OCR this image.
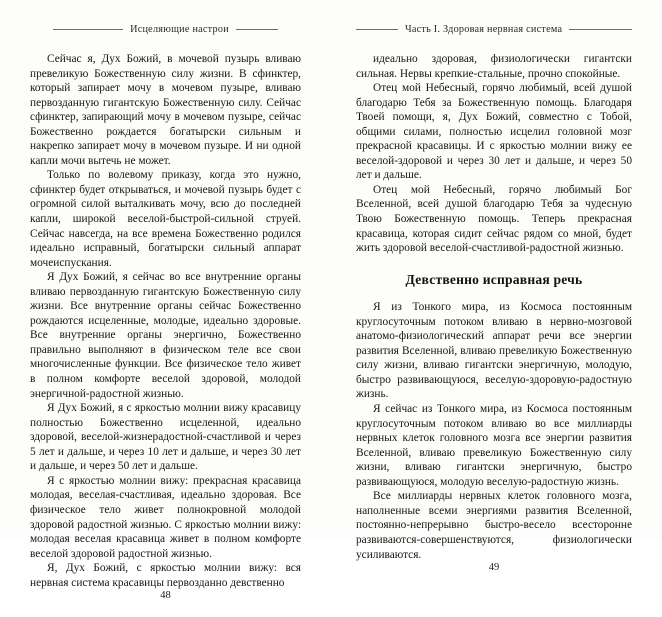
Исцеляющие настрои

Сейчас я, Дух Божий, в мочевой пузырь вливаю превеликую Божественную силу жизни. В сфинктер, который запирает мочу в мочевом пузыре, вливаю первозданную гигантскую Божественную силу. Сейчас сфинктер, запирающий мочу в мочевом пузыре, сейчас Божественно рождается богатырски сильным и накрепко запирает мочу в мочевом пузыре. И ни одной капли мочи вытечь не может.

Только по волевому приказу, когда это нужно, сфинктер будет открываться, и мочевой пузырь будет с огромной силой выталкивать мочу, всю до последней капли, широкой веселой-быстрой-сильной струей. Сейчас навсегда, на все времена Божественно родился идеально исправный, богатырски сильный аппарат мочеиспускания.

Я Дух Божий, я сейчас во все внутренние органы вливаю первозданную гигантскую Божественную силу жизни. Все внутренние органы сейчас Божественно рождаются исцеленные, молодые, идеально здоровые. Все внутренние органы энергично, Божественно правильно выполняют в физическом теле все свои многочисленные функции. Все физическое тело живет в полном комфорте веселой здоровой, молодой энергичной-радостной жизнью.

Я Дух Божий, я с яркостью молнии вижу красавицу полностью Божественно исцеленной, идеально здоровой, веселой-жизнерадостной-счастливой и через 5 лет и дальше, и через 10 лет и дальше, и через 30 лет и дальше, и через 50 лет и дальше.

Я с яркостью молнии вижу: прекрасная красавица молодая, веселая-счастливая, идеально здоровая. Все физическое тело живет полнокровной молодой здоровой радостной жизнью. С яркостью молнии вижу: молодая веселая красавица живет в полном комфорте веселой здоровой радостной жизнью.

Я, Дух Божий, с яркостью молнии вижу: вся нервная система красавицы первозданно девственно

48
Часть I. Здоровая нервная система

идеально здоровая, физиологически гигантски сильная. Нервы крепкие-стальные, прочно спокойные.

Отец мой Небесный, горячо любимый, всей душой благодарю Тебя за Божественную помощь. Благодаря Твоей помощи, я, Дух Божий, совместно с Тобой, общими силами, полностью исцелил головной мозг прекрасной красавицы. И с яркостью молнии вижу ее веселой-здоровой и через 30 лет и дальше, и через 50 лет и дальше.

Отец мой Небесный, горячо любимый Бог Вселенной, всей душой благодарю Тебя за чудесную Твою Божественную помощь. Теперь прекрасная красавица, которая сидит сейчас рядом со мной, будет жить здоровой веселой-счастливой-радостной жизнью.

Девственно исправная речь

Я из Тонкого мира, из Космоса постоянным круглосуточным потоком вливаю в нервно-мозговой анатомо-физиологический аппарат речи все энергии развития Вселенной, вливаю превеликую Божественную силу жизни, вливаю гигантски энергичную, молодую, быстро развивающуюся, веселую-здоровую-радостную жизнь.

Я сейчас из Тонкого мира, из Космоса постоянным круглосуточным потоком вливаю во все миллиарды нервных клеток головного мозга все энергии развития Вселенной, вливаю превеликую Божественную силу жизни, вливаю гигантски энергичную, быстро развивающуюся, молодую веселую-радостную жизнь.

Все миллиарды нервных клеток головного мозга, наполненные всеми энергиями развития Вселенной, постоянно-непрерывно быстро-весело всесторонне развиваются-совершенствуются, физиологически усиливаются.

49
